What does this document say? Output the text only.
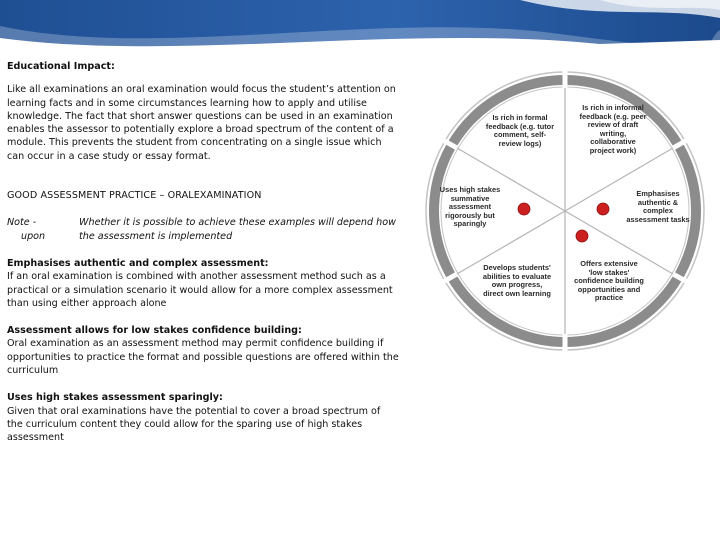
Educational Impact:

Like all examinations an oral examination would focus the student’s attention on learning facts and in some circumstances learning how to apply and utilise knowledge. The fact that short answer questions can be used in an examination enables the assessor to potentially explore a broad spectrum of the content of a module. This prevents the student from concentrating on a single issue which can occur in a case study or essay format.

GOOD ASSESSMENT PRACTICE – ORALEXAMINATION

Note -
upon
Whether it is possible to achieve these examples will depend how the assessment is implemented

Emphasises authentic and complex assessment:

If an oral examination is combined with another assessment method such as a practical or a simulation scenario it would allow for a more complex assessment than using either approach alone

Assessment allows for low stakes confidence building:

Oral examination as an assessment method may permit confidence building if opportunities to practice the format and possible questions are offered within the curriculum

Uses high stakes assessment sparingly:

Given that oral examinations have the potential to cover a broad spectrum of the curriculum content they could allow for the sparing use of high stakes assessment

Is rich in formal feedback (e.g. tutor comment, self-review logs)
Is rich in informal feedback (e.g. peer review of draft writing, collaborative project work)
Emphasises authentic & complex assessment tasks
Offers extensive 'low stakes' confidence building opportunities and practice
Develops students' abilities to evaluate own progress, direct own learning
Uses high stakes summative assessment rigorously but sparingly
